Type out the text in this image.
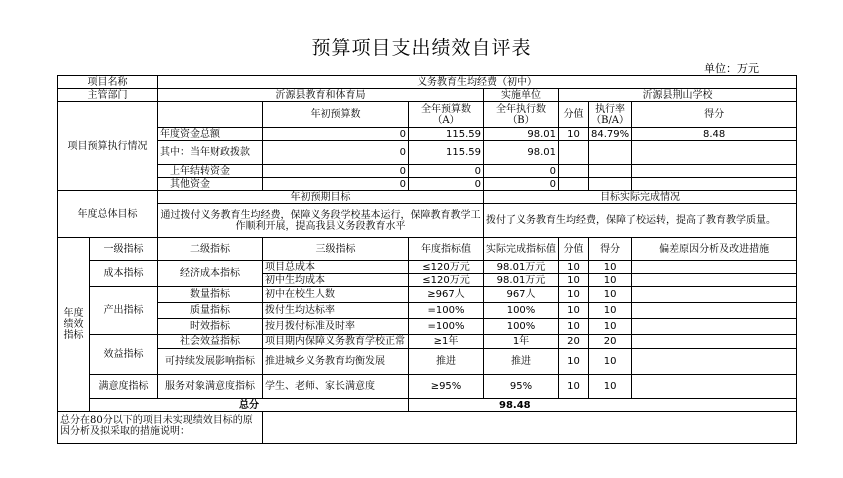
预算项目支出绩效自评表
单位：万元
项目名称		义务教育生均经费（初中）						
主管部门		沂源县教育和体育局			实施单位	沂源县荆山学校		
项目预算执行情况			年初预算数	全年预算数（A）	全年执行数（B）	分值	执行率（B/A）	得分
		年度资金总额	0	115.59	98.01	10	84.79%	8.48
		其中：当年财政拨款	0	115.59	98.01			
		上年结转资金	0	0	0			
		其他资金	0	0	0			
年度总体目标		年初预期目标			目标实际完成情况			
		通过拨付义务教育生均经费，保障义务段学校基本运行，保障教育教学工作顺利开展，提高我县义务段教育水平			拨付了义务教育生均经费，保障了校运转，提高了教育教学质量。			
年度绩效指标	一级指标	二级指标	三级指标	年度指标值	实际完成指标值	分值	得分	偏差原因分析及改进措施
	成本指标	经济成本指标	项目总成本	≤120万元	98.01万元	10	10	
			初中生均成本	≤120万元	98.01万元	10	10	
	产出指标	数量指标	初中在校生人数	≥967人	967人	10	10	
		质量指标	拨付生均达标率	=100%	100%	10	10	
		时效指标	按月拨付标准及时率	=100%	100%	10	10	
	效益指标	社会效益指标	项目期内保障义务教育学校正常	≥1年	1年	20	20	
		可持续发展影响指标	推进城乡义务教育均衡发展	推进	推进	10	10	
	满意度指标	服务对象满意度指标	学生、老师、家长满意度	≥95%	95%	10	10	
	总分			98.48				
总分在80分以下的项目未实现绩效目标的原因分析及拟采取的措施说明：								
